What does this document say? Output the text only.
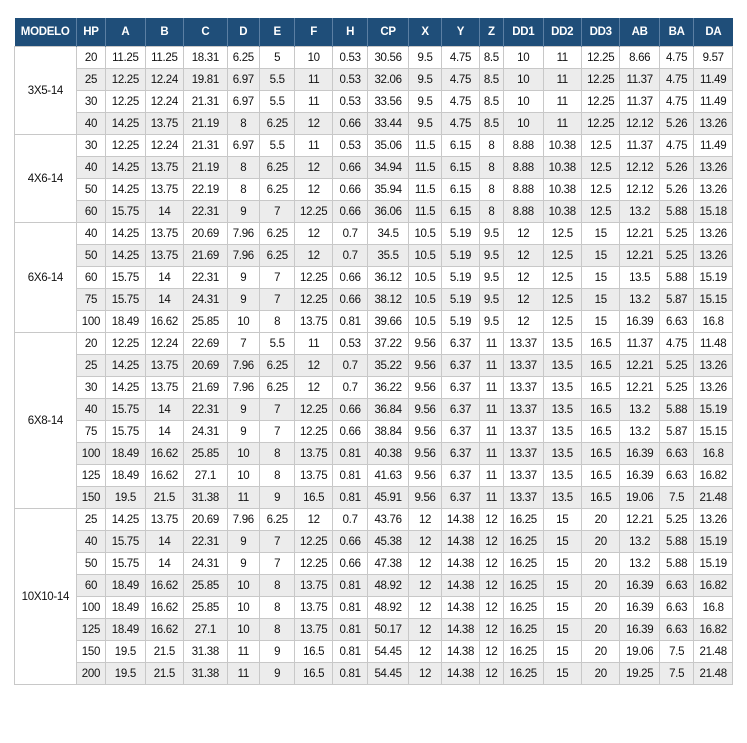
MODELO	HP	A	B	C	D	E	F	H	CP	X	Y	Z	DD1	DD2	DD3	AB	BA	DA
3X5-14	20	11.25	11.25	18.31	6.25	5	10	0.53	30.56	9.5	4.75	8.5	10	11	12.25	8.66	4.75	9.57
	25	12.25	12.24	19.81	6.97	5.5	11	0.53	32.06	9.5	4.75	8.5	10	11	12.25	11.37	4.75	11.49
	30	12.25	12.24	21.31	6.97	5.5	11	0.53	33.56	9.5	4.75	8.5	10	11	12.25	11.37	4.75	11.49
	40	14.25	13.75	21.19	8	6.25	12	0.66	33.44	9.5	4.75	8.5	10	11	12.25	12.12	5.26	13.26
4X6-14	30	12.25	12.24	21.31	6.97	5.5	11	0.53	35.06	11.5	6.15	8	8.88	10.38	12.5	11.37	4.75	11.49
	40	14.25	13.75	21.19	8	6.25	12	0.66	34.94	11.5	6.15	8	8.88	10.38	12.5	12.12	5.26	13.26
	50	14.25	13.75	22.19	8	6.25	12	0.66	35.94	11.5	6.15	8	8.88	10.38	12.5	12.12	5.26	13.26
	60	15.75	14	22.31	9	7	12.25	0.66	36.06	11.5	6.15	8	8.88	10.38	12.5	13.2	5.88	15.18
6X6-14	40	14.25	13.75	20.69	7.96	6.25	12	0.7	34.5	10.5	5.19	9.5	12	12.5	15	12.21	5.25	13.26
	50	14.25	13.75	21.69	7.96	6.25	12	0.7	35.5	10.5	5.19	9.5	12	12.5	15	12.21	5.25	13.26
	60	15.75	14	22.31	9	7	12.25	0.66	36.12	10.5	5.19	9.5	12	12.5	15	13.5	5.88	15.19
	75	15.75	14	24.31	9	7	12.25	0.66	38.12	10.5	5.19	9.5	12	12.5	15	13.2	5.87	15.15
	100	18.49	16.62	25.85	10	8	13.75	0.81	39.66	10.5	5.19	9.5	12	12.5	15	16.39	6.63	16.8
6X8-14	20	12.25	12.24	22.69	7	5.5	11	0.53	37.22	9.56	6.37	11	13.37	13.5	16.5	11.37	4.75	11.48
	25	14.25	13.75	20.69	7.96	6.25	12	0.7	35.22	9.56	6.37	11	13.37	13.5	16.5	12.21	5.25	13.26
	30	14.25	13.75	21.69	7.96	6.25	12	0.7	36.22	9.56	6.37	11	13.37	13.5	16.5	12.21	5.25	13.26
	40	15.75	14	22.31	9	7	12.25	0.66	36.84	9.56	6.37	11	13.37	13.5	16.5	13.2	5.88	15.19
	75	15.75	14	24.31	9	7	12.25	0.66	38.84	9.56	6.37	11	13.37	13.5	16.5	13.2	5.87	15.15
	100	18.49	16.62	25.85	10	8	13.75	0.81	40.38	9.56	6.37	11	13.37	13.5	16.5	16.39	6.63	16.8
	125	18.49	16.62	27.1	10	8	13.75	0.81	41.63	9.56	6.37	11	13.37	13.5	16.5	16.39	6.63	16.82
	150	19.5	21.5	31.38	11	9	16.5	0.81	45.91	9.56	6.37	11	13.37	13.5	16.5	19.06	7.5	21.48
10X10-14	25	14.25	13.75	20.69	7.96	6.25	12	0.7	43.76	12	14.38	12	16.25	15	20	12.21	5.25	13.26
	40	15.75	14	22.31	9	7	12.25	0.66	45.38	12	14.38	12	16.25	15	20	13.2	5.88	15.19
	50	15.75	14	24.31	9	7	12.25	0.66	47.38	12	14.38	12	16.25	15	20	13.2	5.88	15.19
	60	18.49	16.62	25.85	10	8	13.75	0.81	48.92	12	14.38	12	16.25	15	20	16.39	6.63	16.82
	100	18.49	16.62	25.85	10	8	13.75	0.81	48.92	12	14.38	12	16.25	15	20	16.39	6.63	16.8
	125	18.49	16.62	27.1	10	8	13.75	0.81	50.17	12	14.38	12	16.25	15	20	16.39	6.63	16.82
	150	19.5	21.5	31.38	11	9	16.5	0.81	54.45	12	14.38	12	16.25	15	20	19.06	7.5	21.48
	200	19.5	21.5	31.38	11	9	16.5	0.81	54.45	12	14.38	12	16.25	15	20	19.25	7.5	21.48
